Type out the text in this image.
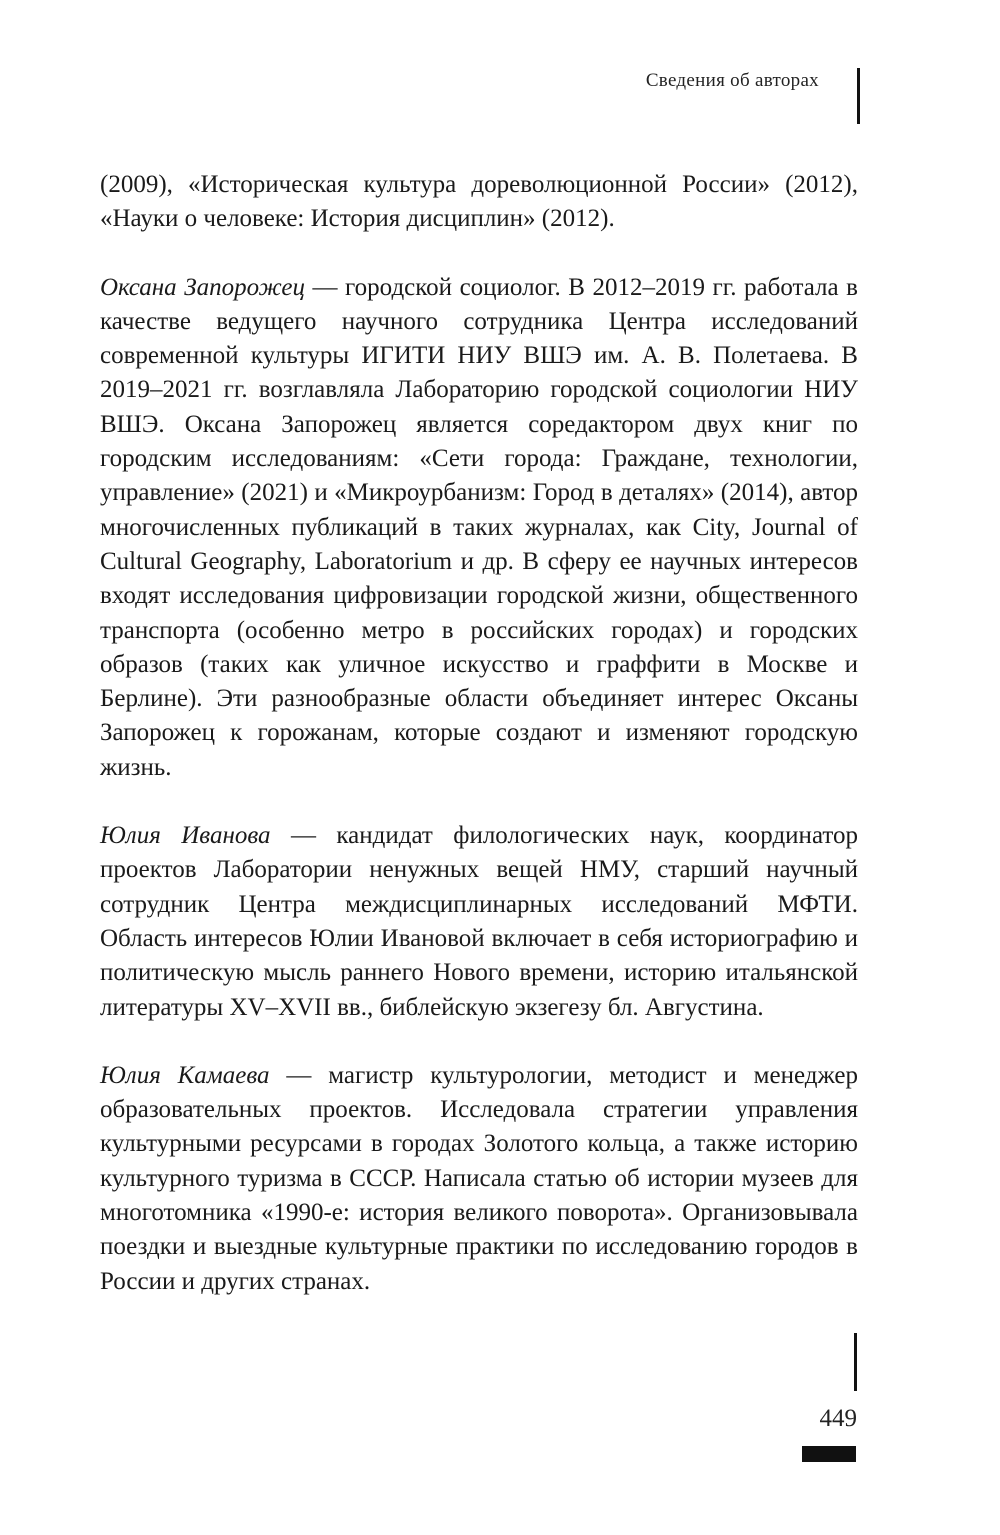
Сведения об авторах

(2009), «Историческая культура дореволюционной России» (2012), «Науки о человеке: История дисциплин» (2012).

Оксана Запорожец — городской социолог. В 2012–2019 гг. работала в качестве ведущего научного сотрудника Центра исследований современной культуры ИГИТИ НИУ ВШЭ им. А. В. Полетаева. В 2019–2021 гг. возглавляла Лабораторию городской социологии НИУ ВШЭ. Оксана Запорожец является соредактором двух книг по городским исследованиям: «Сети города: Граждане, технологии, управление» (2021) и «Микроурбанизм: Город в деталях» (2014), автор многочисленных публикаций в таких журналах, как City, Journal of Cultural Geography, Laboratorium и др. В сферу ее научных интересов входят исследования цифровизации городской жизни, общественного транспорта (особенно метро в российских городах) и городских образов (таких как уличное искусство и граффити в Москве и Берлине). Эти разнообразные области объединяет интерес Оксаны Запорожец к горожанам, которые создают и изменяют городскую жизнь.

Юлия Иванова — кандидат филологических наук, координатор проектов Лаборатории ненужных вещей НМУ, старший научный сотрудник Центра междисциплинарных исследований МФТИ. Область интересов Юлии Ивановой включает в себя историографию и политическую мысль раннего Нового времени, историю итальянской литературы XV–XVII вв., библейскую экзегезу бл. Августина.

Юлия Камаева — магистр культурологии, методист и менеджер образовательных проектов. Исследовала стратегии управления культурными ресурсами в городах Золотого кольца, а также историю культурного туризма в СССР. Написала статью об истории музеев для многотомника «1990-е: история великого поворота». Организовывала поездки и выездные культурные практики по исследованию городов в России и других странах.

449
